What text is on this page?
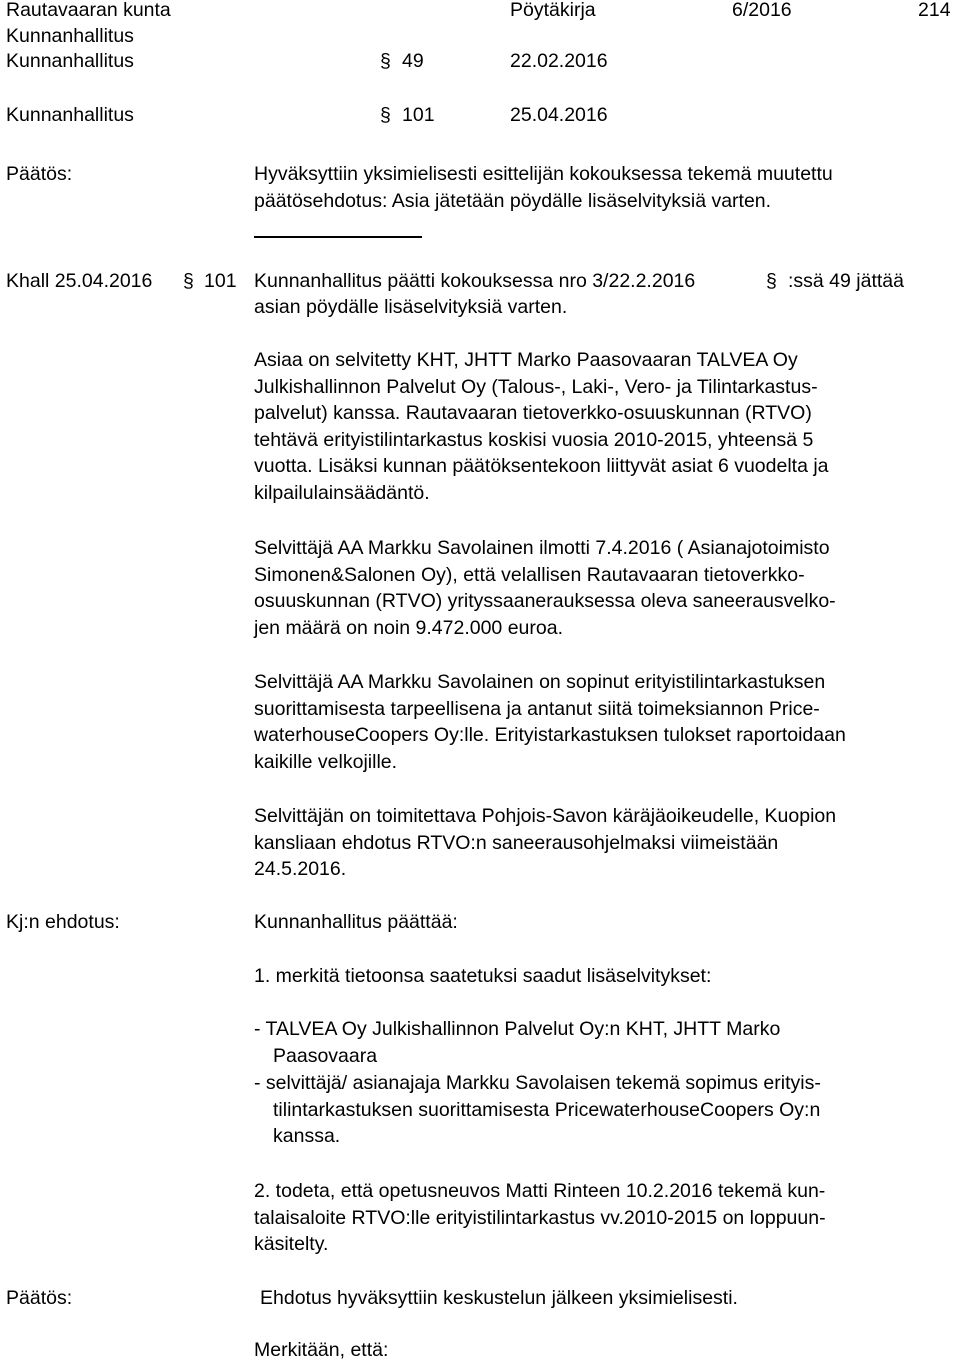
Rautavaaran kunta
Kunnanhallitus
Pöytäkirja	6/2016	214
Kunnanhallitus	§ 49	22.02.2016
Kunnanhallitus	§ 101	25.04.2016
Päätös:	Hyväksyttiin yksimielisesti esittelijän kokouksessa tekemä muutettu
päätösehdotus: Asia jätetään pöydälle lisäselvityksiä varten.
Khall 25.04.2016 § 101 Kunnanhallitus päätti kokouksessa nro 3/22.2.2016	§ :ssä 49 jättää
asian pöydälle lisäselvityksiä varten.
Asiaa on selvitetty KHT, JHTT Marko Paasovaaran TALVEA Oy
Julkishallinnon Palvelut Oy (Talous-, Laki-, Vero- ja Tilintarkastus-
palvelut) kanssa. Rautavaaran tietoverkko-osuuskunnan (RTVO)
tehtävä erityistilintarkastus koskisi vuosia 2010-2015, yhteensä 5
vuotta. Lisäksi kunnan päätöksentekoon liittyvät asiat 6 vuodelta ja
kilpailulainsäädäntö.
Selvittäjä AA Markku Savolainen ilmotti 7.4.2016 ( Asianajotoimisto
Simonen&Salonen Oy), että velallisen Rautavaaran tietoverkko-
osuuskunnan (RTVO) yrityssaanerauksessa oleva saneerausvelko-
jen määrä on noin 9.472.000 euroa.
Selvittäjä AA Markku Savolainen on sopinut erityistilintarkastuksen
suorittamisesta tarpeellisena ja antanut siitä toimeksiannon Price-
waterhouseCoopers Oy:lle. Erityistarkastuksen tulokset raportoidaan
kaikille velkojille.
Selvittäjän on toimitettava Pohjois-Savon käräjäoikeudelle, Kuopion
kansliaan ehdotus RTVO:n saneerausohjelmaksi viimeistään
24.5.2016.
Kj:n ehdotus:	Kunnanhallitus päättää:
1. merkitä tietoonsa saatetuksi saadut lisäselvitykset:
- TALVEA Oy Julkishallinnon Palvelut Oy:n KHT, JHTT Marko
Paasovaara
- selvittäjä/ asianajaja Markku Savolaisen tekemä sopimus erityis-
tilintarkastuksen suorittamisesta PricewaterhouseCoopers Oy:n
kanssa.
2. todeta, että opetusneuvos Matti Rinteen 10.2.2016 tekemä kun-
talaisaloite RTVO:lle erityistilintarkastus vv.2010-2015 on loppuun-
käsitelty.
Päätös:	Ehdotus hyväksyttiin keskustelun jälkeen yksimielisesti.
Merkitään, että:
